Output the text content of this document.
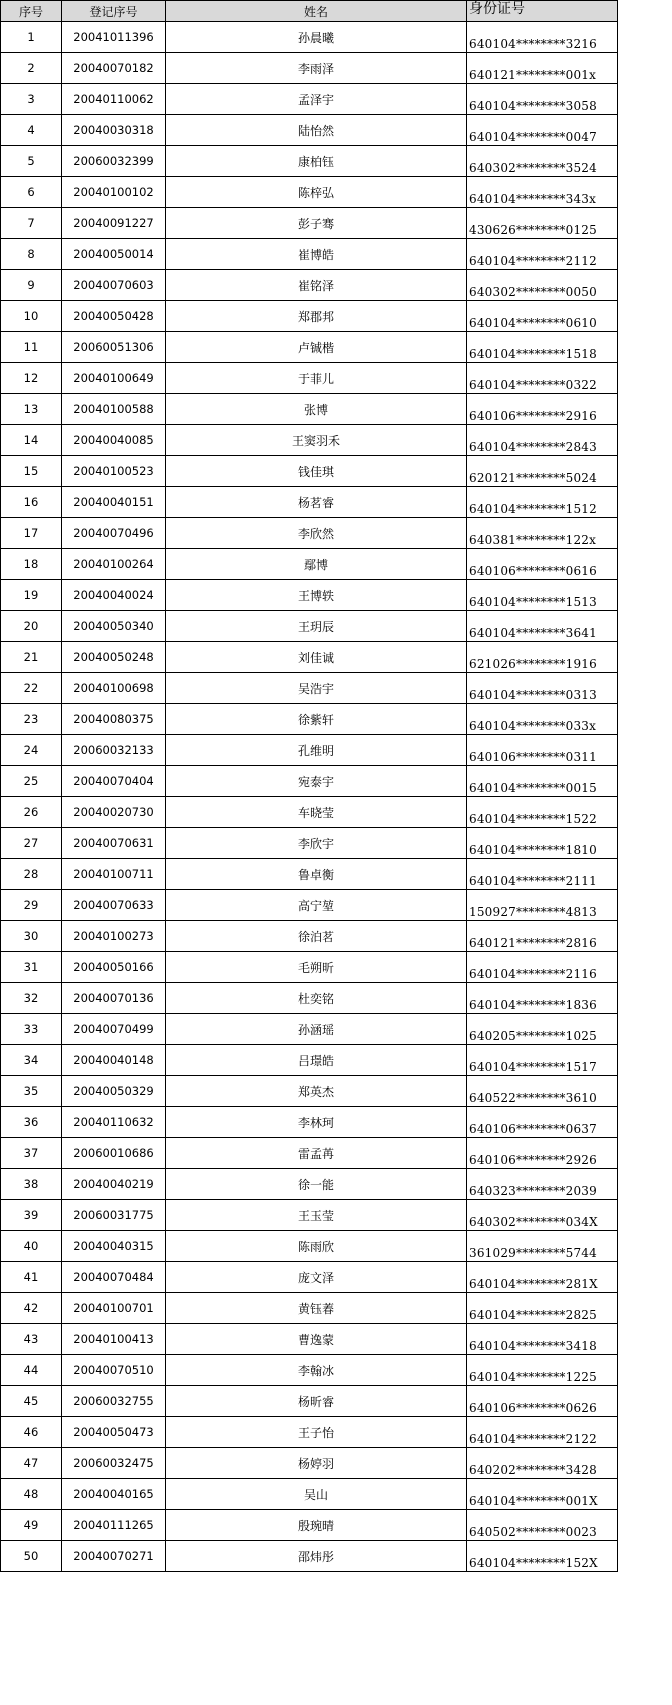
序号	登记序号	姓名	身份证号
1	20041011396	孙晨曦	640104********3216
2	20040070182	李雨泽	640121********001x
3	20040110062	孟泽宇	640104********3058
4	20040030318	陆怡然	640104********0047
5	20060032399	康柏钰	640302********3524
6	20040100102	陈梓弘	640104********343x
7	20040091227	彭子骞	430626********0125
8	20040050014	崔博皓	640104********2112
9	20040070603	崔铭泽	640302********0050
10	20040050428	郑郡邦	640104********0610
11	20060051306	卢铖楷	640104********1518
12	20040100649	于菲儿	640104********0322
13	20040100588	张博	640106********2916
14	20040040085	王窦羽禾	640104********2843
15	20040100523	钱佳琪	620121********5024
16	20040040151	杨茗睿	640104********1512
17	20040070496	李欣然	640381********122x
18	20040100264	鄢博	640106********0616
19	20040040024	王博轶	640104********1513
20	20040050340	王玥辰	640104********3641
21	20040050248	刘佳诚	621026********1916
22	20040100698	吴浩宇	640104********0313
23	20040080375	徐紫轩	640104********033x
24	20060032133	孔维明	640106********0311
25	20040070404	宛泰宇	640104********0015
26	20040020730	车晓莹	640104********1522
27	20040070631	李欣宇	640104********1810
28	20040100711	鲁卓衡	640104********2111
29	20040070633	高宁堃	150927********4813
30	20040100273	徐泊茗	640121********2816
31	20040050166	毛朔昕	640104********2116
32	20040070136	杜奕铭	640104********1836
33	20040070499	孙涵瑶	640205********1025
34	20040040148	吕璟皓	640104********1517
35	20040050329	郑英杰	640522********3610
36	20040110632	李林珂	640106********0637
37	20060010686	雷孟苒	640106********2926
38	20040040219	徐一能	640323********2039
39	20060031775	王玉莹	640302********034X
40	20040040315	陈雨欣	361029********5744
41	20040070484	庞文泽	640104********281X
42	20040100701	黄钰萶	640104********2825
43	20040100413	曹逸蒙	640104********3418
44	20040070510	李翰冰	640104********1225
45	20060032755	杨昕睿	640106********0626
46	20040050473	王子怡	640104********2122
47	20060032475	杨婷羽	640202********3428
48	20040040165	吴山	640104********001X
49	20040111265	殷琬晴	640502********0023
50	20040070271	邵炜彤	640104********152X
